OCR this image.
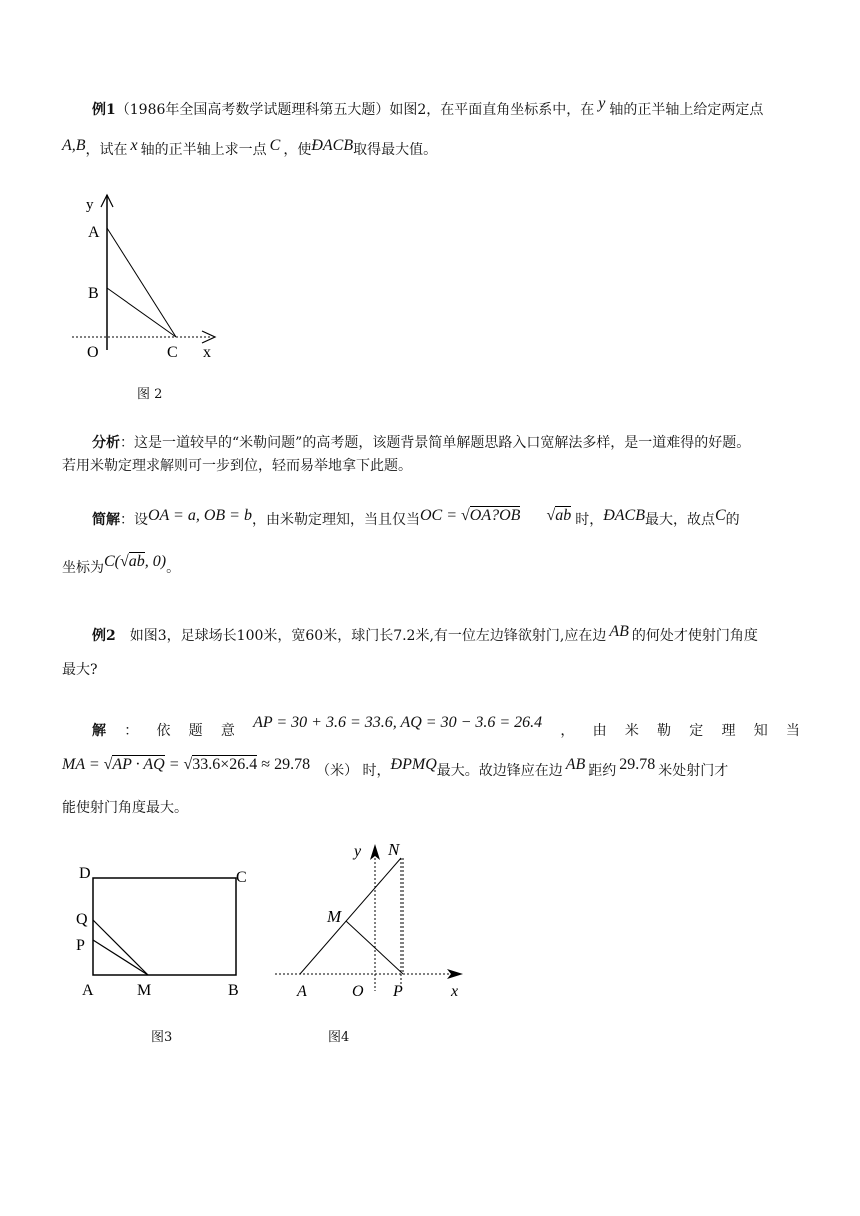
例1（1986年全国高考数学试题理科第五大题）如图2，在平面直角坐标系中，在 y 轴的正半轴上给定两定点
A,B，试在 x 轴的正半轴上求一点 C ，使ÐACB取得最大值。
y
A
B
O	C x
图 2
分析：这是一道较早的“米勒问题”的高考题，该题背景简单解题思路入口宽解法多样，是一道难得的好题。
若用米勒定理求解则可一步到位，轻而易举地拿下此题。
简解：设OA = a, OB = b，由米勒定理知，当且仅当OC = √OA?OB √ab 时，ÐACB最大，故点C的
坐标为C(√ab, 0)。
例2 如图3，足球场长100米，宽60米，球门长7.2米,有一位左边锋欲射门,应在边 AB 的何处才使射门角度
最大?
解 ： 依 题 意 AP = 30 + 3.6 = 33.6, AQ = 30 − 3.6 = 26.4 ， 由 米 勒 定 理 知 当
MA = √AP · AQ = √33.6×26.4 ≈ 29.78 （米） 时，ÐPMQ最大。故边锋应在边 AB 距约 29.78 米处射门才
能使射门角度最大。
D	C
Q
P
A	M	B
图3
y N
M
A	O P	x
图4
